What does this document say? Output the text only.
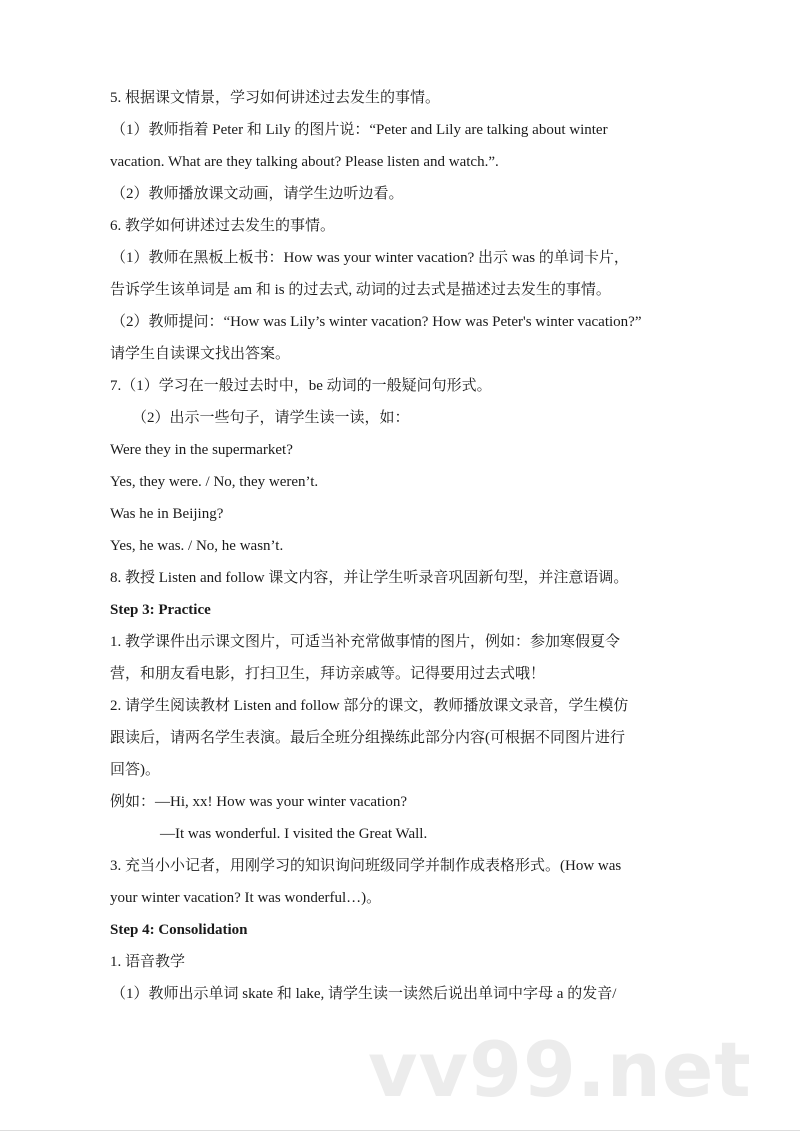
5. 根据课文情景，学习如何讲述过去发生的事情。
（1）教师指着 Peter 和 Lily 的图片说：“Peter and Lily are talking about winter
vacation. What are they talking about? Please listen and watch.”.
（2）教师播放课文动画，请学生边听边看。
6. 教学如何讲述过去发生的事情。
（1）教师在黑板上板书：How was your winter vacation? 出示 was 的单词卡片，
告诉学生该单词是 am 和 is 的过去式, 动词的过去式是描述过去发生的事情。
（2）教师提问：“How was Lily’s winter vacation? How was Peter's winter vacation?”
请学生自读课文找出答案。
7.（1）学习在一般过去时中，be 动词的一般疑问句形式。
（2）出示一些句子，请学生读一读，如：
Were they in the supermarket?
Yes, they were. / No, they weren’t.
Was he in Beijing?
Yes, he was. / No, he wasn’t.
8. 教授 Listen and follow 课文内容，并让学生听录音巩固新句型，并注意语调。
Step 3: Practice
1. 教学课件出示课文图片，可适当补充常做事情的图片，例如：参加寒假夏令
营，和朋友看电影，打扫卫生，拜访亲戚等。记得要用过去式哦！
2. 请学生阅读教材 Listen and follow 部分的课文，教师播放课文录音，学生模仿
跟读后，请两名学生表演。最后全班分组操练此部分内容(可根据不同图片进行
回答)。
例如：—Hi, xx! How was your winter vacation?
—It was wonderful. I visited the Great Wall.
3. 充当小小记者，用刚学习的知识询问班级同学并制作成表格形式。(How was
your winter vacation? It was wonderful…)。
Step 4: Consolidation
1. 语音教学
（1）教师出示单词 skate 和 lake, 请学生读一读然后说出单词中字母 a 的发音/
vv99.net
